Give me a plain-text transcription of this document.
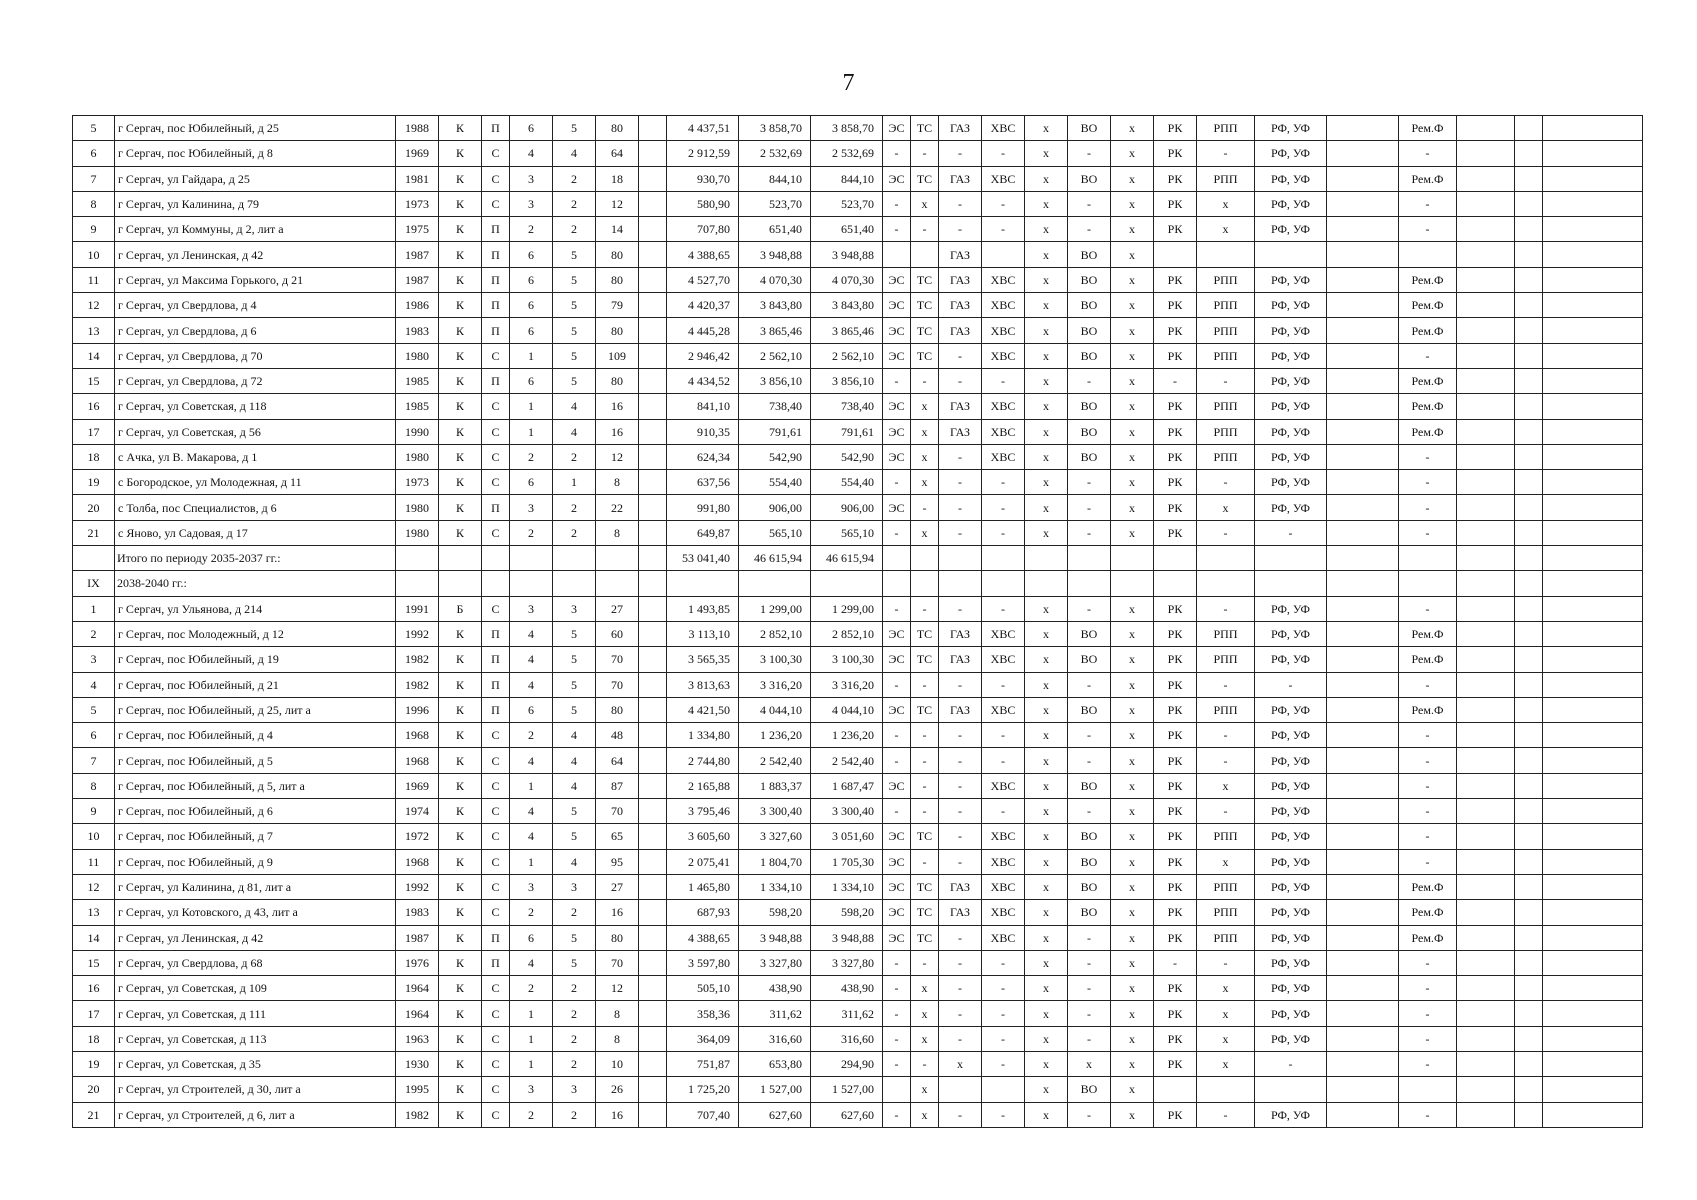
7
5	г Сергач, пос Юбилейный, д 25	1988	К	П	6	5	80		4 437,51	3 858,70	3 858,70	ЭС	ТС	ГАЗ	ХВС	х	ВО	х	РК	РПП	РФ, УФ		Рем.Ф			
6	г Сергач, пос Юбилейный, д 8	1969	К	С	4	4	64		2 912,59	2 532,69	2 532,69	-	-	-	-	х	-	х	РК	-	РФ, УФ		-			
7	г Сергач, ул Гайдара, д 25	1981	К	С	3	2	18		930,70	844,10	844,10	ЭС	ТС	ГАЗ	ХВС	х	ВО	х	РК	РПП	РФ, УФ		Рем.Ф			
8	г Сергач, ул Калинина, д 79	1973	К	С	3	2	12		580,90	523,70	523,70	-	х	-	-	х	-	х	РК	х	РФ, УФ		-			
9	г Сергач, ул Коммуны, д 2, лит а	1975	К	П	2	2	14		707,80	651,40	651,40	-	-	-	-	х	-	х	РК	х	РФ, УФ		-			
10	г Сергач, ул Ленинская, д 42	1987	К	П	6	5	80		4 388,65	3 948,88	3 948,88			ГАЗ		х	ВО	х								
11	г Сергач, ул Максима Горького, д 21	1987	К	П	6	5	80		4 527,70	4 070,30	4 070,30	ЭС	ТС	ГАЗ	ХВС	х	ВО	х	РК	РПП	РФ, УФ		Рем.Ф			
12	г Сергач, ул Свердлова, д 4	1986	К	П	6	5	79		4 420,37	3 843,80	3 843,80	ЭС	ТС	ГАЗ	ХВС	х	ВО	х	РК	РПП	РФ, УФ		Рем.Ф			
13	г Сергач, ул Свердлова, д 6	1983	К	П	6	5	80		4 445,28	3 865,46	3 865,46	ЭС	ТС	ГАЗ	ХВС	х	ВО	х	РК	РПП	РФ, УФ		Рем.Ф			
14	г Сергач, ул Свердлова, д 70	1980	К	С	1	5	109		2 946,42	2 562,10	2 562,10	ЭС	ТС	-	ХВС	х	ВО	х	РК	РПП	РФ, УФ		-			
15	г Сергач, ул Свердлова, д 72	1985	К	П	6	5	80		4 434,52	3 856,10	3 856,10	-	-	-	-	х	-	х	-	-	РФ, УФ		Рем.Ф			
16	г Сергач, ул Советская, д 118	1985	К	С	1	4	16		841,10	738,40	738,40	ЭС	х	ГАЗ	ХВС	х	ВО	х	РК	РПП	РФ, УФ		Рем.Ф			
17	г Сергач, ул Советская, д 56	1990	К	С	1	4	16		910,35	791,61	791,61	ЭС	х	ГАЗ	ХВС	х	ВО	х	РК	РПП	РФ, УФ		Рем.Ф			
18	с Ачка, ул В. Макарова, д 1	1980	К	С	2	2	12		624,34	542,90	542,90	ЭС	х	-	ХВС	х	ВО	х	РК	РПП	РФ, УФ		-			
19	с Богородское, ул Молодежная, д 11	1973	К	С	6	1	8		637,56	554,40	554,40	-	х	-	-	х	-	х	РК	-	РФ, УФ		-			
20	с Толба, пос Специалистов, д 6	1980	К	П	3	2	22		991,80	906,00	906,00	ЭС	-	-	-	х	-	х	РК	х	РФ, УФ		-			
21	с Яново, ул Садовая, д 17	1980	К	С	2	2	8		649,87	565,10	565,10	-	х	-	-	х	-	х	РК	-	-		-			
	Итого по периоду 2035-2037 гг.:								53 041,40	46 615,94	46 615,94															
IX	2038-2040 гг.:																									
1	г Сергач, ул Ульянова, д 214	1991	Б	С	3	3	27		1 493,85	1 299,00	1 299,00	-	-	-	-	х	-	х	РК	-	РФ, УФ		-			
2	г Сергач, пос Молодежный, д 12	1992	К	П	4	5	60		3 113,10	2 852,10	2 852,10	ЭС	ТС	ГАЗ	ХВС	х	ВО	х	РК	РПП	РФ, УФ		Рем.Ф			
3	г Сергач, пос Юбилейный, д 19	1982	К	П	4	5	70		3 565,35	3 100,30	3 100,30	ЭС	ТС	ГАЗ	ХВС	х	ВО	х	РК	РПП	РФ, УФ		Рем.Ф			
4	г Сергач, пос Юбилейный, д 21	1982	К	П	4	5	70		3 813,63	3 316,20	3 316,20	-	-	-	-	х	-	х	РК	-	-		-			
5	г Сергач, пос Юбилейный, д 25, лит а	1996	К	П	6	5	80		4 421,50	4 044,10	4 044,10	ЭС	ТС	ГАЗ	ХВС	х	ВО	х	РК	РПП	РФ, УФ		Рем.Ф			
6	г Сергач, пос Юбилейный, д 4	1968	К	С	2	4	48		1 334,80	1 236,20	1 236,20	-	-	-	-	х	-	х	РК	-	РФ, УФ		-			
7	г Сергач, пос Юбилейный, д 5	1968	К	С	4	4	64		2 744,80	2 542,40	2 542,40	-	-	-	-	х	-	х	РК	-	РФ, УФ		-			
8	г Сергач, пос Юбилейный, д 5, лит а	1969	К	С	1	4	87		2 165,88	1 883,37	1 687,47	ЭС	-	-	ХВС	х	ВО	х	РК	х	РФ, УФ		-			
9	г Сергач, пос Юбилейный, д 6	1974	К	С	4	5	70		3 795,46	3 300,40	3 300,40	-	-	-	-	х	-	х	РК	-	РФ, УФ		-			
10	г Сергач, пос Юбилейный, д 7	1972	К	С	4	5	65		3 605,60	3 327,60	3 051,60	ЭС	ТС	-	ХВС	х	ВО	х	РК	РПП	РФ, УФ		-			
11	г Сергач, пос Юбилейный, д 9	1968	К	С	1	4	95		2 075,41	1 804,70	1 705,30	ЭС	-	-	ХВС	х	ВО	х	РК	х	РФ, УФ		-			
12	г Сергач, ул Калинина, д 81, лит а	1992	К	С	3	3	27		1 465,80	1 334,10	1 334,10	ЭС	ТС	ГАЗ	ХВС	х	ВО	х	РК	РПП	РФ, УФ		Рем.Ф			
13	г Сергач, ул Котовского, д 43, лит а	1983	К	С	2	2	16		687,93	598,20	598,20	ЭС	ТС	ГАЗ	ХВС	х	ВО	х	РК	РПП	РФ, УФ		Рем.Ф			
14	г Сергач, ул Ленинская, д 42	1987	К	П	6	5	80		4 388,65	3 948,88	3 948,88	ЭС	ТС	-	ХВС	х	-	х	РК	РПП	РФ, УФ		Рем.Ф			
15	г Сергач, ул Свердлова, д 68	1976	К	П	4	5	70		3 597,80	3 327,80	3 327,80	-	-	-	-	х	-	х	-	-	РФ, УФ		-			
16	г Сергач, ул Советская, д 109	1964	К	С	2	2	12		505,10	438,90	438,90	-	х	-	-	х	-	х	РК	х	РФ, УФ		-			
17	г Сергач, ул Советская, д 111	1964	К	С	1	2	8		358,36	311,62	311,62	-	х	-	-	х	-	х	РК	х	РФ, УФ		-			
18	г Сергач, ул Советская, д 113	1963	К	С	1	2	8		364,09	316,60	316,60	-	х	-	-	х	-	х	РК	х	РФ, УФ		-			
19	г Сергач, ул Советская, д 35	1930	К	С	1	2	10		751,87	653,80	294,90	-	-	х	-	х	х	х	РК	х	-		-			
20	г Сергач, ул Строителей, д 30, лит а	1995	К	С	3	3	26		1 725,20	1 527,00	1 527,00		х			х	ВО	х								
21	г Сергач, ул Строителей, д 6, лит а	1982	К	С	2	2	16		707,40	627,60	627,60	-	х	-	-	х	-	х	РК	-	РФ, УФ		-			
